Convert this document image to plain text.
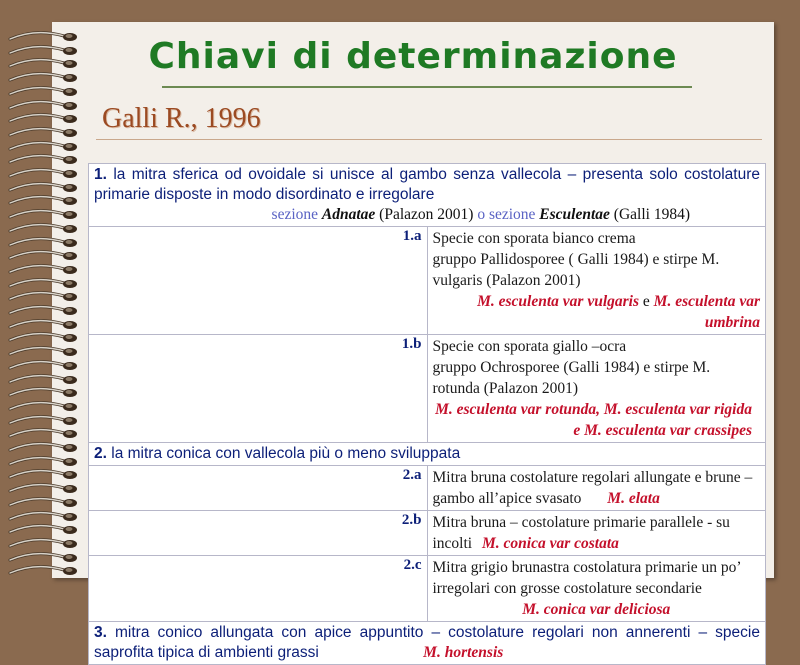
Chiavi di determinazione
Galli R., 1996
1. la mitra sferica od ovoidale si unisce al gambo senza vallecola – presenta solo costolature primarie disposte in modo disordinato e irregolare
sezione Adnatae (Palazon 2001) o sezione Esculentae (Galli 1984)	

1.a	Specie con sporata bianco crema
gruppo Pallidosporee ( Galli 1984) e stirpe M. vulgaris (Palazon 2001)
M. esculenta var vulgaris e M. esculenta var umbrina

1.b	Specie con sporata giallo –ocra
gruppo Ochrosporee (Galli 1984) e stirpe M. rotunda (Palazon 2001)
M. esculenta var rotunda, M. esculenta var rigida e M. esculenta var crassipes

2. la mitra conica con vallecola più o meno sviluppata	
2.a	Mitra bruna costolature regolari allungate e brune – gambo all’apice svasato M. elata
2.b	Mitra bruna – costolature primarie parallele - su incolti M. conica var costata
2.c	Mitra grigio brunastra costolatura primarie un po’ irregolari con grosse costolature secondarie
M. conica var deliciosa

3. mitra conico allungata con apice appuntito – costolature regolari non annerenti – specie saprofita tipica di ambienti grassi M. hortensis	
